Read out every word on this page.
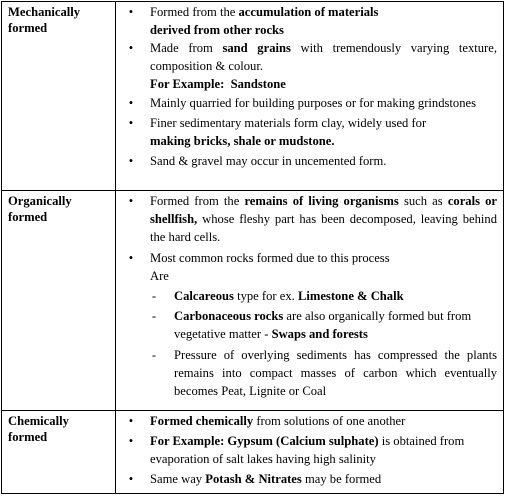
Mechanically
formed
•	Formed from the accumulation of materials
derived from other rocks
•	Made from sand grains with tremendously varying texture, composition & colour.
For Example: Sandstone
•	Mainly quarried for building purposes or for making grindstones
•	Finer sedimentary materials form clay, widely used for
making bricks, shale or mudstone.
•	Sand & gravel may occur in uncemented form.
Organically
formed
•	Formed from the remains of living organisms such as corals or shellfish, whose fleshy part has been decomposed, leaving behind the hard cells.
•	Most common rocks formed due to this process
Are
- Calcareous type for ex. Limestone & Chalk
- Carbonaceous rocks are also organically formed but from vegetative matter - Swaps and forests
- Pressure of overlying sediments has compressed the plants remains into compact masses of carbon which eventually becomes Peat, Lignite or Coal
Chemically
formed
•	Formed chemically from solutions of one another
•	For Example: Gypsum (Calcium sulphate) is obtained from evaporation of salt lakes having high salinity
•	Same way Potash & Nitrates may be formed
